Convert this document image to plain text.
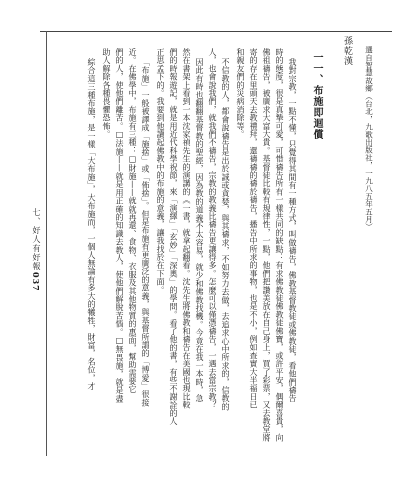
孫乾漢 選自智慧故鄉（台北，九歌出版社，一九八五年五月）
一一、布施即迴償
我對宗教，一點不懂，只覺得其間有一種方式，叫做禱告，佛教基督教徒或佛教徒，看他們禱告
時的態度，很是真摯可愛，可惜禱告所有一樣共同的缺點：有求佛教徒佛教徒佛寶，或許平安，偶爾喜貴，向
佛祖禱告，被廣求大富大貴。基督徒比較有規律性，一點，他們把讚美放在自己身上，買了彩票，又去教堂將
寄的存在里頭天去教禮拜，還禱禱的禱於禱告，播告中所求的事物，也是不小，例如查實大半福日已
和親友們的災病消除等。
不信教的人，都會說禱告是出於誠或貪婪，與其禱求，不如努力去做，去追求心中所求的，信教的
人，也會說我們，就我們不禱告，宗教的教義比禱告更讓得多。怎麼可以僅憑禱告，一遇去當宗教？
因此有時也翻翻基督教的聖經，因為教的道義不太容易，就少和佛教找機。今竟在我一本時，急
然在書架上看到一本沈家禎先生的演講的《一書，就拿起翻看。沈先生將佛教和禱告在美國也現比較
們的時報遊記，就是用近代科學祝節，來「演繹」「玄妙」「深奧」的學問。看了他的書，有些不謝詮的人
正思孟下的。我要到他讀起佛教中的布施的意義，讓我找於在下面。
「布施」一般被譯成「施捨」或「佈捨」。但是布施有更廣泛的意義，與基督所謂的「博愛」很接
近。在佛學中，布施有三種：□財施——就就再還、食物、衣服及其他物質的惠面，幫助需要它
們的人，使他們離苦。□法施——就是用正確的知識去教人，使他們解脫苦惱。□無畏施，就是盡
助人解除各種畏懼恐怖。
綜合這三種布施，是一樣「大布施」，大布施而，一個人無論有多大的犧牲，財富，名位，才
七、好人有好報
037
